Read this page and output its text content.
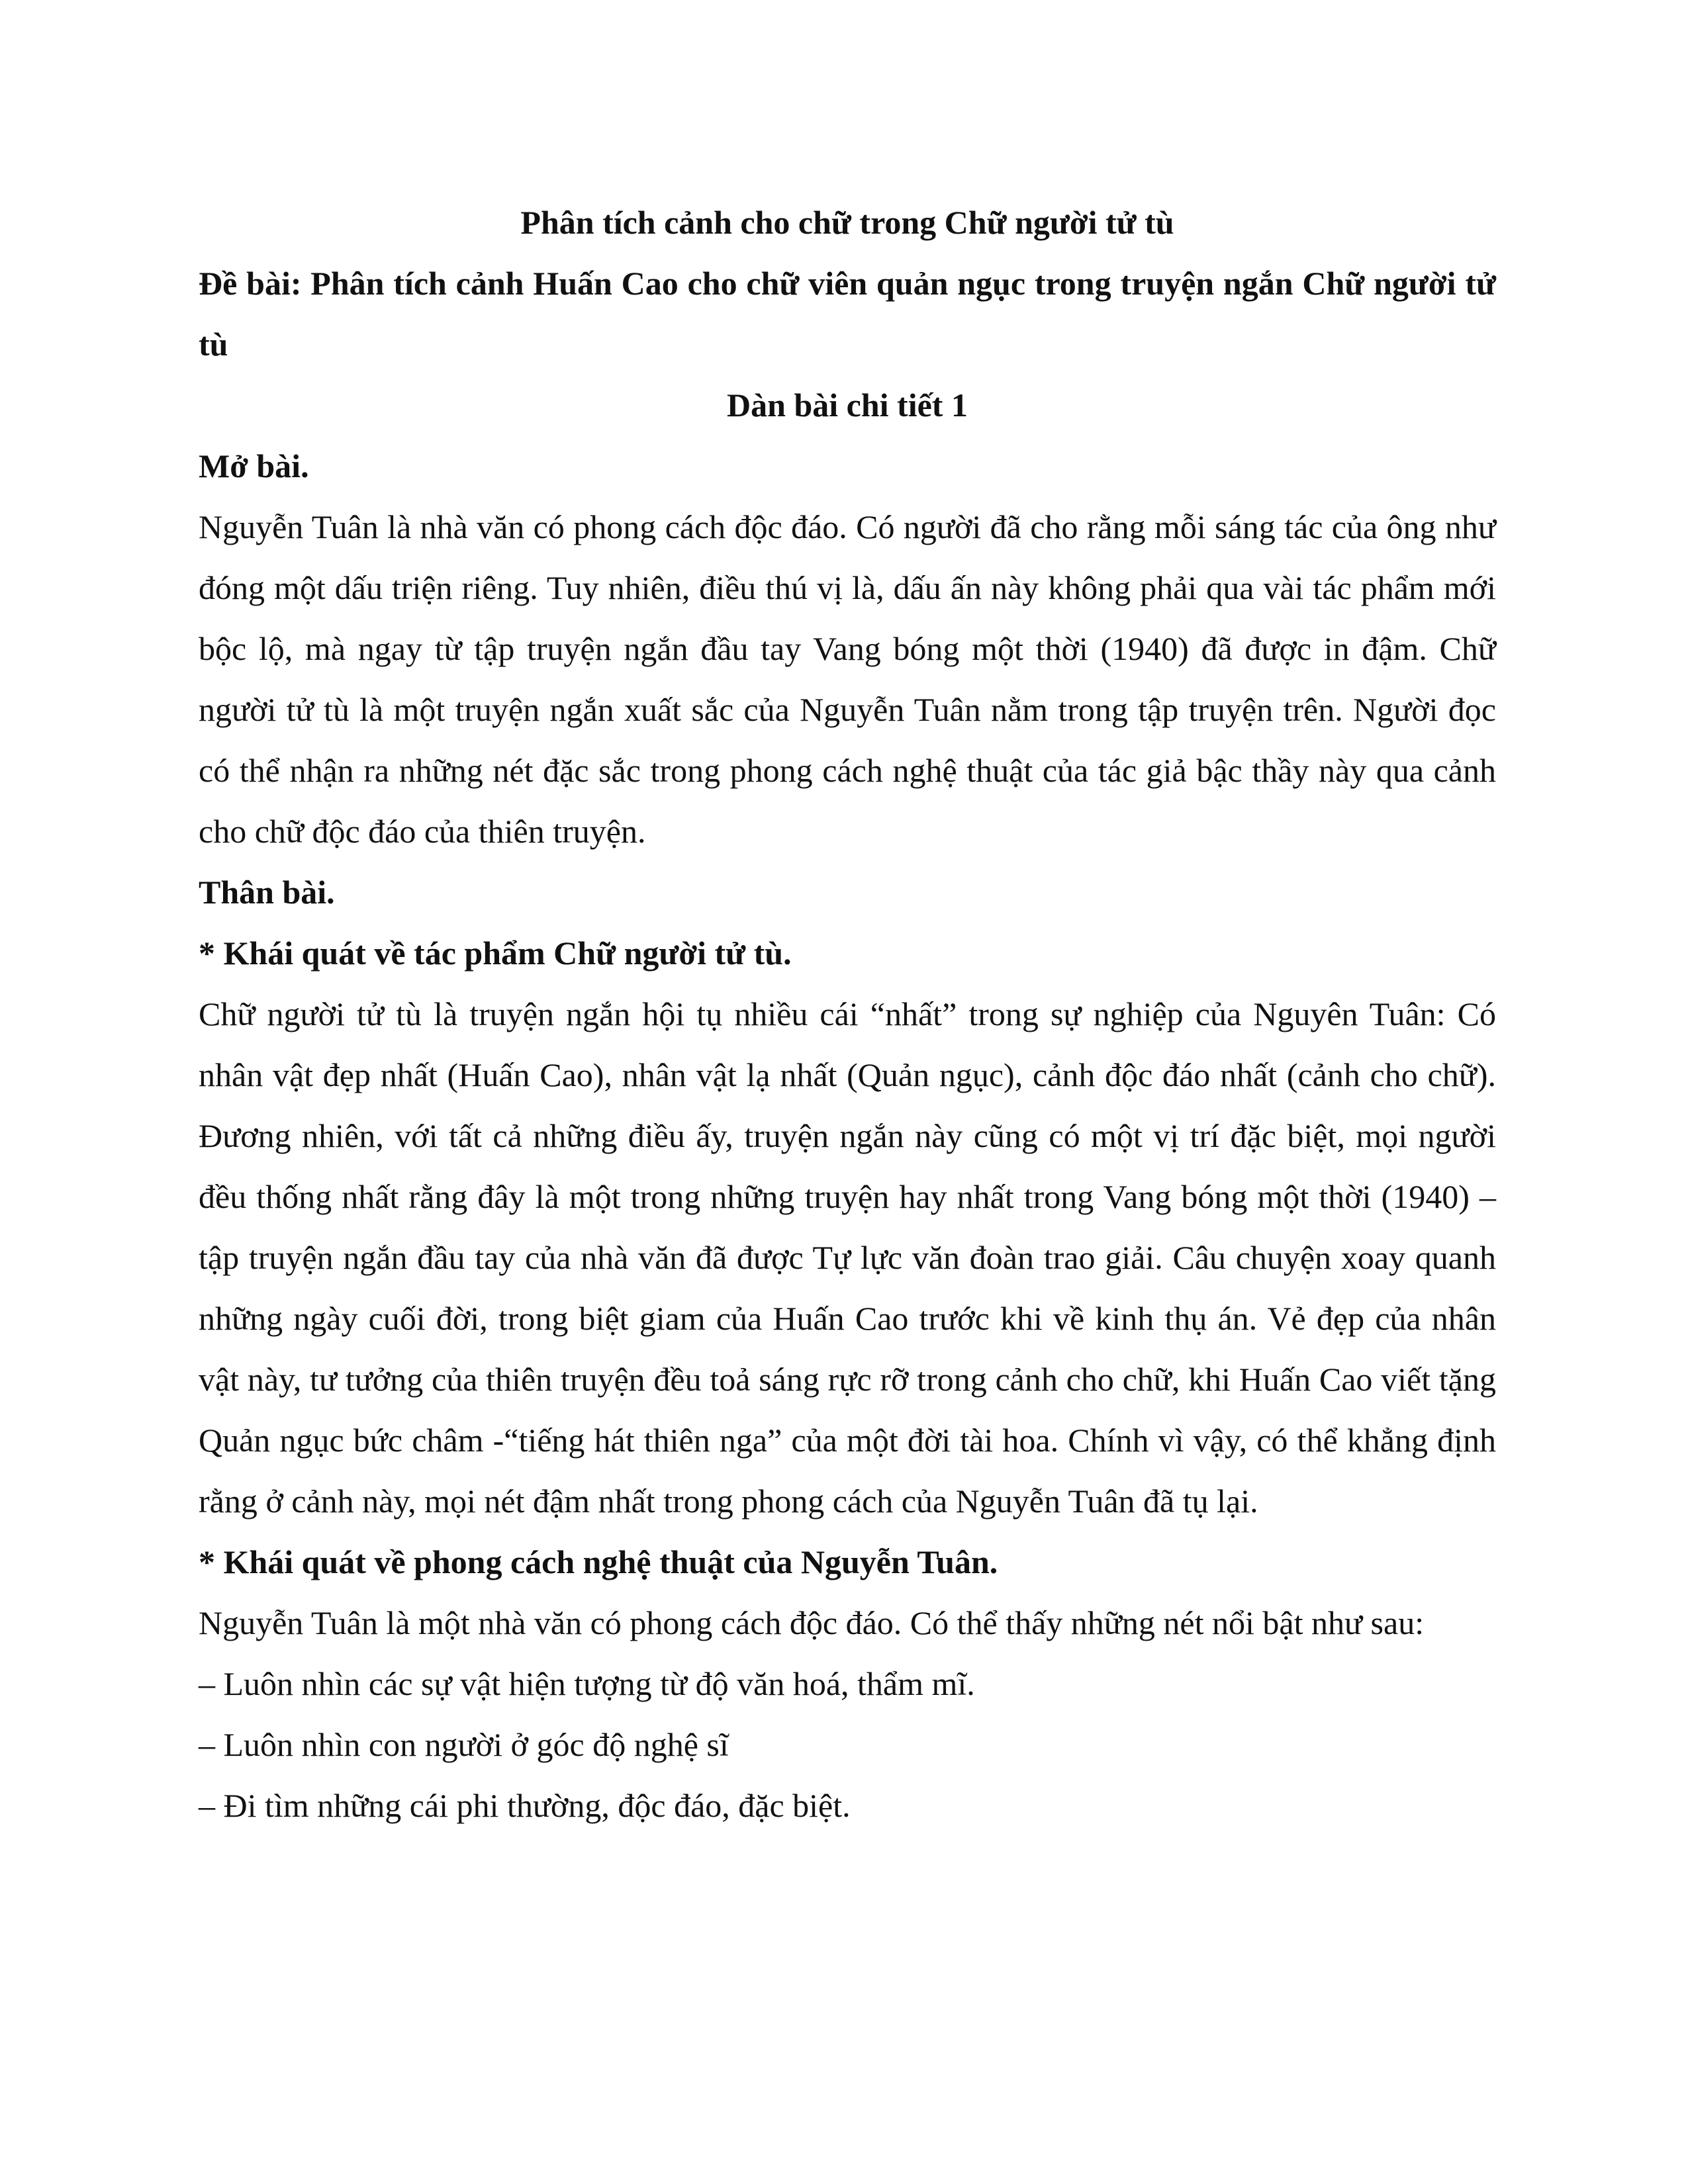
Phân tích cảnh cho chữ trong Chữ người tử tù

Đề bài: Phân tích cảnh Huấn Cao cho chữ viên quản ngục trong truyện ngắn Chữ người tử tù

Dàn bài chi tiết 1

Mở bài.

Nguyễn Tuân là nhà văn có phong cách độc đáo. Có người đã cho rằng mỗi sáng tác của ông như đóng một dấu triện riêng. Tuy nhiên, điều thú vị là, dấu ấn này không phải qua vài tác phẩm mới bộc lộ, mà ngay từ tập truyện ngắn đầu tay Vang bóng một thời (1940) đã được in đậm. Chữ người tử tù là một truyện ngắn xuất sắc của Nguyễn Tuân nằm trong tập truyện trên. Người đọc có thể nhận ra những nét đặc sắc trong phong cách nghệ thuật của tác giả bậc thầy này qua cảnh cho chữ độc đáo của thiên truyện.

Thân bài.

* Khái quát về tác phẩm Chữ người tử tù.

Chữ người tử tù là truyện ngắn hội tụ nhiều cái “nhất” trong sự nghiệp của Nguyên Tuân: Có nhân vật đẹp nhất (Huấn Cao), nhân vật lạ nhất (Quản ngục), cảnh độc đáo nhất (cảnh cho chữ). Đương nhiên, với tất cả những điều ấy, truyện ngắn này cũng có một vị trí đặc biệt, mọi người đều thống nhất rằng đây là một trong những truyện hay nhất trong Vang bóng một thời (1940) – tập truyện ngắn đầu tay của nhà văn đã được Tự lực văn đoàn trao giải. Câu chuyện xoay quanh những ngày cuối đời, trong biệt giam của Huấn Cao trước khi về kinh thụ án. Vẻ đẹp của nhân vật này, tư tưởng của thiên truyện đều toả sáng rực rỡ trong cảnh cho chữ, khi Huấn Cao viết tặng Quản ngục bức châm -“tiếng hát thiên nga” của một đời tài hoa. Chính vì vậy, có thể khẳng định rằng ở cảnh này, mọi nét đậm nhất trong phong cách của Nguyễn Tuân đã tụ lại.

* Khái quát về phong cách nghệ thuật của Nguyễn Tuân.

Nguyễn Tuân là một nhà văn có phong cách độc đáo. Có thể thấy những nét nổi bật như sau:

– Luôn nhìn các sự vật hiện tượng từ độ văn hoá, thẩm mĩ.

– Luôn nhìn con người ở góc độ nghệ sĩ

– Đi tìm những cái phi thường, độc đáo, đặc biệt.
